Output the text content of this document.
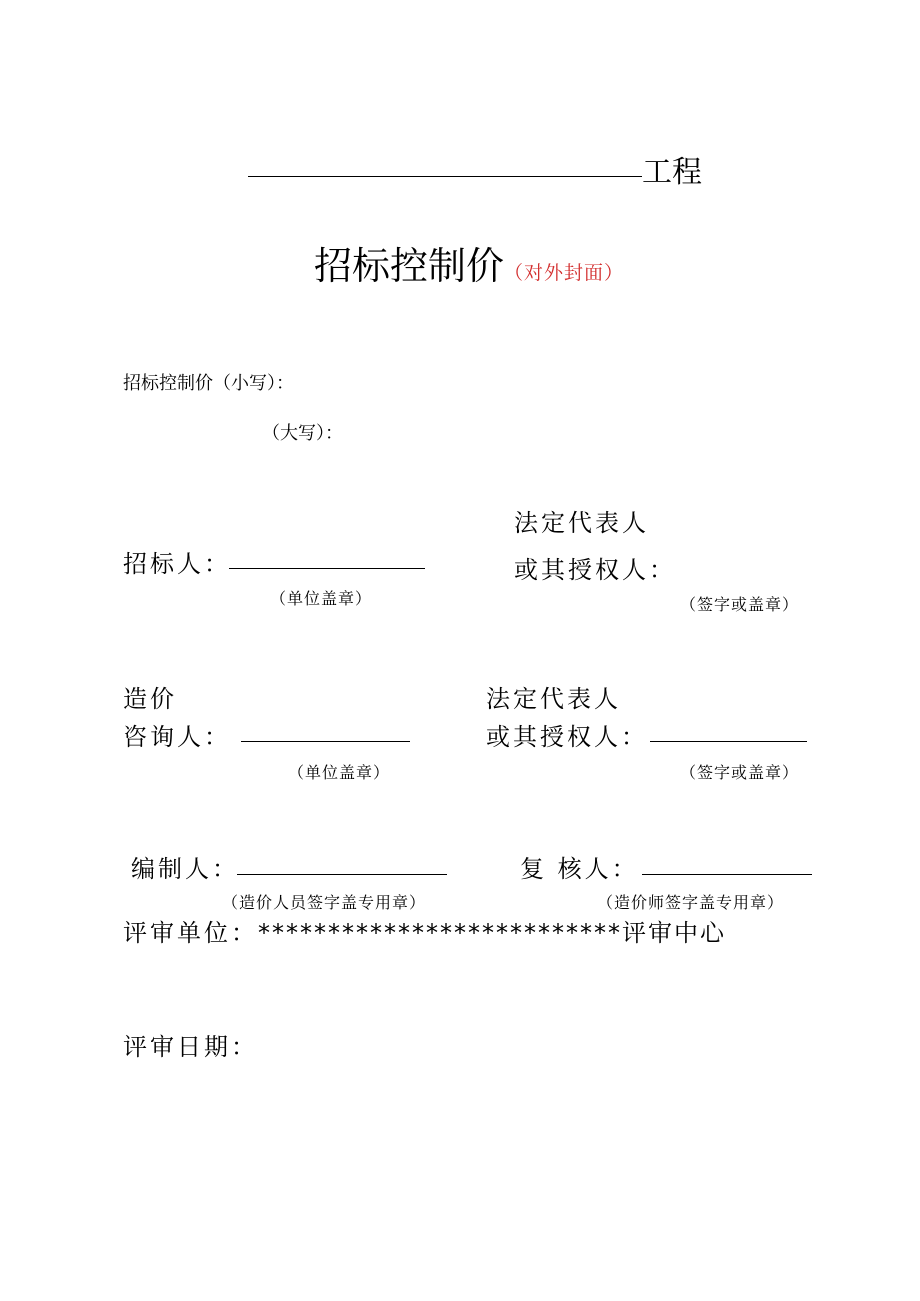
工程
招标控制价（对外封面）
招标控制价（小写）：
（大写）：
招标人：
（单位盖章）
法定代表人
或其授权人：
（签字或盖章）
造价
咨询人：
（单位盖章）
法定代表人
或其授权人：
（签字或盖章）
编制人：
（造价人员签字盖专用章）
复 核人：
（造价师签字盖专用章）
评审单位：**************************评审中心
评审日期：
